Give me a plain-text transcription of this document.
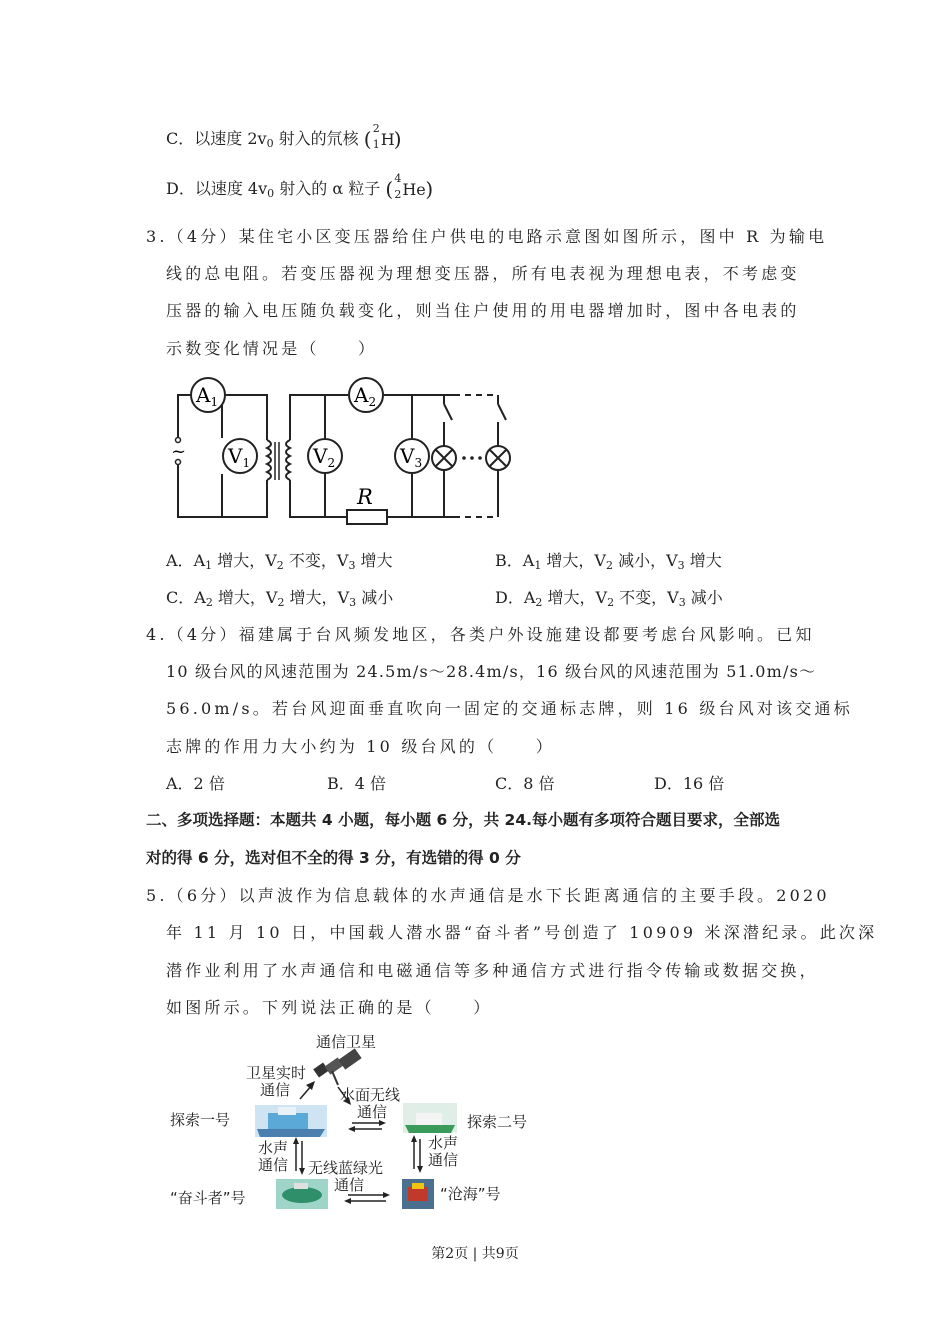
C．以速度 $2v_0$ 射入的氘核 ( 2
1 H )
D．以速度 $4v_0$ 射入的 α 粒子 ( 4
2 He )
3.（4分）某住宅小区变压器给住户供电的电路示意图如图所示，图中 R 为输电
线的总电阻。若变压器视为理想变压器，所有电表视为理想电表，不考虑变
压器的输入电压随负载变化，则当住户使用的用电器增加时，图中各电表的
示数变化情况是（　　）
~
$A_1$
$V_1$	$V_2$
$A_2$
$V_3$
R
A．$A_1$ 增大，$V_2$ 不变，$V_3$ 增大	B．$A_1$ 增大，$V_2$ 减小，$V_3$ 增大
C．$A_2$ 增大，$V_2$ 增大，$V_3$ 减小	D．$A_2$ 增大，$V_2$ 不变，$V_3$ 减小
4.（4分）福建属于台风频发地区，各类户外设施建设都要考虑台风影响。已知
10 级台风的风速范围为 24.5m/s～28.4m/s，16 级台风的风速范围为 51.0m/s～
56.0m/s。若台风迎面垂直吹向一固定的交通标志牌，则 16 级台风对该交通标
志牌的作用力大小约为 10 级台风的（　　）
A．2 倍	B．4 倍	C．8 倍	D．16 倍
二、多项选择题：本题共 4 小题，每小题 6 分，共 24.每小题有多项符合题目要求，全部选
对的得 6 分，选对但不全的得 3 分，有选错的得 0 分
5.（6分）以声波作为信息载体的水声通信是水下长距离通信的主要手段。2020
年 11 月 10 日，中国载人潜水器“奋斗者”号创造了 10909 米深潜纪录。此次深
潜作业利用了水声通信和电磁通信等多种通信方式进行指令传输或数据交换，
如图所示。下列说法正确的是（　　）
通信卫星
卫星实时
通信	水面无线
通信
探索一号	探索二号
水声
通信
水声
通信
无线蓝绿光
通信
“奋斗者”号	“沧海”号
第2页 | 共9页
